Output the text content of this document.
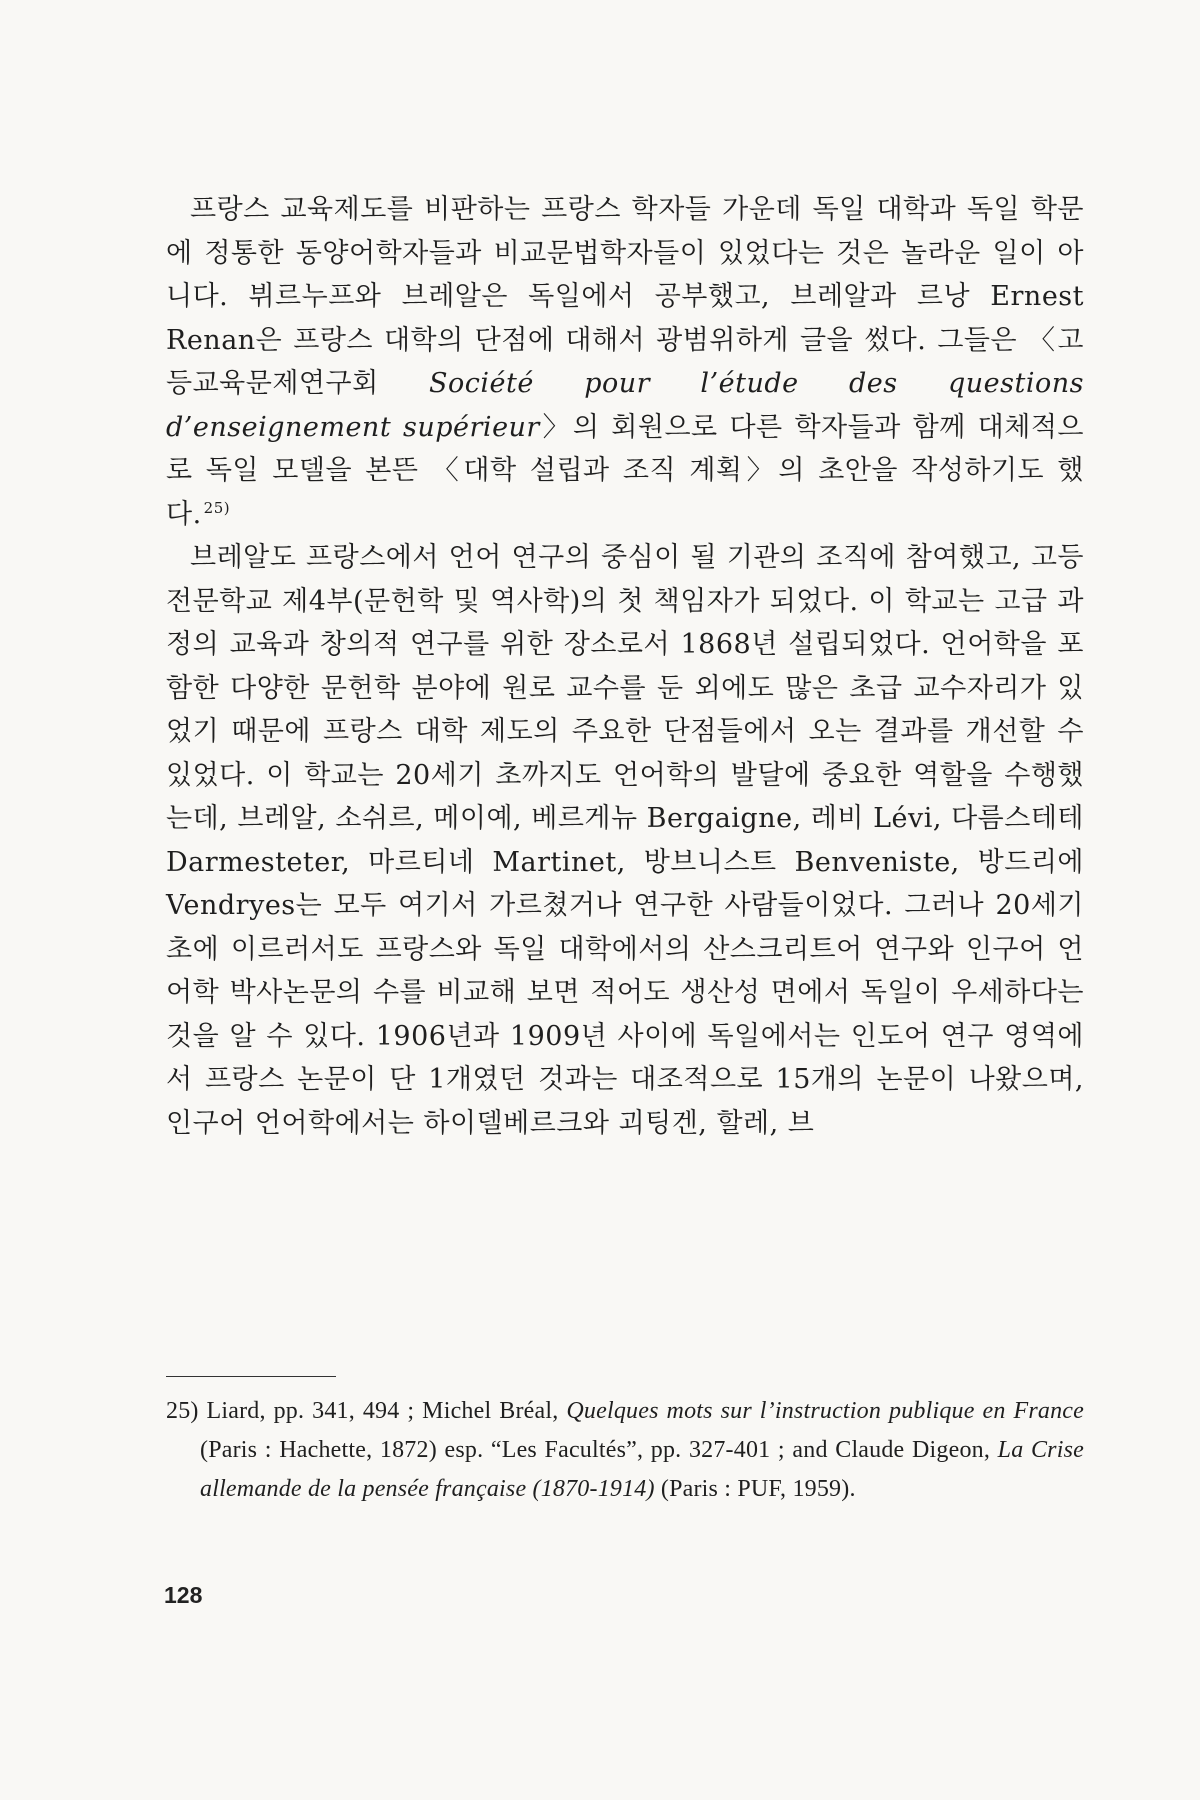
프랑스 교육제도를 비판하는 프랑스 학자들 가운데 독일 대학과 독일 학문에 정통한 동양어학자들과 비교문법학자들이 있었다는 것은 놀라운 일이 아니다. 뷔르누프와 브레알은 독일에서 공부했고, 브레알과 르낭 Ernest Renan은 프랑스 대학의 단점에 대해서 광범위하게 글을 썼다. 그들은 〈고등교육문제연구회 Société pour l’étude des questions d’enseignement supérieur〉의 회원으로 다른 학자들과 함께 대체적으로 독일 모델을 본뜬 〈대학 설립과 조직 계획〉의 초안을 작성하기도 했다. $^{25)}$

브레알도 프랑스에서 언어 연구의 중심이 될 기관의 조직에 참여했고, 고등전문학교 제4부(문헌학 및 역사학)의 첫 책임자가 되었다. 이 학교는 고급 과정의 교육과 창의적 연구를 위한 장소로서 1868년 설립되었다. 언어학을 포함한 다양한 문헌학 분야에 원로 교수를 둔 외에도 많은 초급 교수자리가 있었기 때문에 프랑스 대학 제도의 주요한 단점들에서 오는 결과를 개선할 수 있었다. 이 학교는 20세기 초까지도 언어학의 발달에 중요한 역할을 수행했는데, 브레알, 소쉬르, 메이예, 베르게뉴 Bergaigne, 레비 Lévi, 다름스테테 Darmesteter, 마르티네 Martinet, 방브니스트 Benveniste, 방드리에 Vendryes는 모두 여기서 가르쳤거나 연구한 사람들이었다. 그러나 20세기 초에 이르러서도 프랑스와 독일 대학에서의 산스크리트어 연구와 인구어 언어학 박사논문의 수를 비교해 보면 적어도 생산성 면에서 독일이 우세하다는 것을 알 수 있다. 1906년과 1909년 사이에 독일에서는 인도어 연구 영역에서 프랑스 논문이 단 1개였던 것과는 대조적으로 15개의 논문이 나왔으며, 인구어 언어학에서는 하이델베르크와 괴팅겐, 할레, 브

25) Liard, pp. 341, 494 ; Michel Bréal, Quelques mots sur l’instruction publique en France (Paris : Hachette, 1872) esp. “Les Facultés”, pp. 327-401 ; and Claude Digeon, La Crise allemande de la pensée française (1870-1914) (Paris : PUF, 1959).

128
